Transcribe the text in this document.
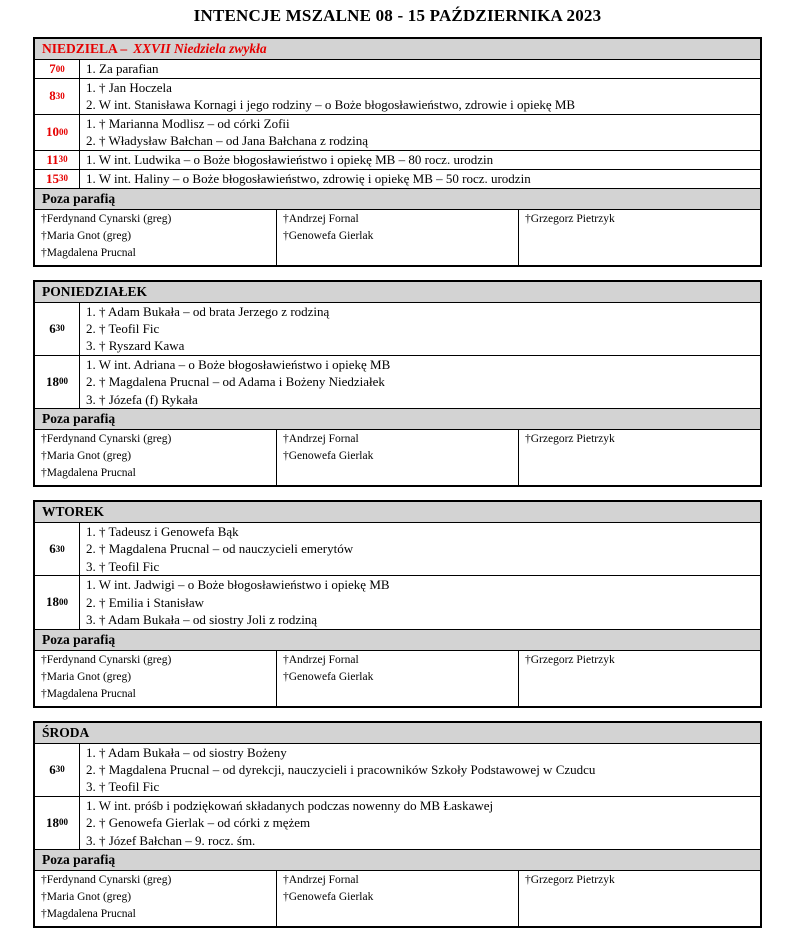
INTENCJE MSZALNE 08 - 15 PAŹDZIERNIKA 2023
NIEDZIELA – XXVII Niedziela zwykła
7 00 1. Za parafian
8 30
1. † Jan Hoczela
2. W int. Stanisława Kornagi i jego rodziny – o Boże błogosławieństwo, zdrowie i opiekę MB
10 00
1. † Marianna Modlisz – od córki Zofii
2. † Władysław Bałchan – od Jana Bałchana z rodziną
11 30 1. W int. Ludwika – o Boże błogosławieństwo i opiekę MB – 80 rocz. urodzin
15 30 1. W int. Haliny – o Boże błogosławieństwo, zdrowię i opiekę MB – 50 rocz. urodzin
Poza parafią
†Ferdynand Cynarski (greg)
†Maria Gnot (greg)
†Magdalena Prucnal
†Andrzej Fornal
†Genowefa Gierlak
†Grzegorz Pietrzyk
PONIEDZIAŁEK
6 30
1. † Adam Bukała – od brata Jerzego z rodziną
2. † Teofil Fic
3. † Ryszard Kawa
18 00
1. W int. Adriana – o Boże błogosławieństwo i opiekę MB
2. † Magdalena Prucnal – od Adama i Bożeny Niedziałek
3. † Józefa (f) Rykała
Poza parafią
†Ferdynand Cynarski (greg)
†Maria Gnot (greg)
†Magdalena Prucnal
†Andrzej Fornal
†Genowefa Gierlak
†Grzegorz Pietrzyk
WTOREK
6 30
1. † Tadeusz i Genowefa Bąk
2. † Magdalena Prucnal – od nauczycieli emerytów
3. † Teofil Fic
18 00
1. W int. Jadwigi – o Boże błogosławieństwo i opiekę MB
2. † Emilia i Stanisław
3. † Adam Bukała – od siostry Joli z rodziną
Poza parafią
†Ferdynand Cynarski (greg)
†Maria Gnot (greg)
†Magdalena Prucnal
†Andrzej Fornal
†Genowefa Gierlak
†Grzegorz Pietrzyk
ŚRODA
6 30
1. † Adam Bukała – od siostry Bożeny
2. † Magdalena Prucnal – od dyrekcji, nauczycieli i pracowników Szkoły Podstawowej w Czudcu
3. † Teofil Fic
18 00
1. W int. próśb i podziękowań składanych podczas nowenny do MB Łaskawej
2. † Genowefa Gierlak – od córki z mężem
3. † Józef Bałchan – 9. rocz. śm.
Poza parafią
†Ferdynand Cynarski (greg)
†Maria Gnot (greg)
†Magdalena Prucnal
†Andrzej Fornal
†Genowefa Gierlak
†Grzegorz Pietrzyk
